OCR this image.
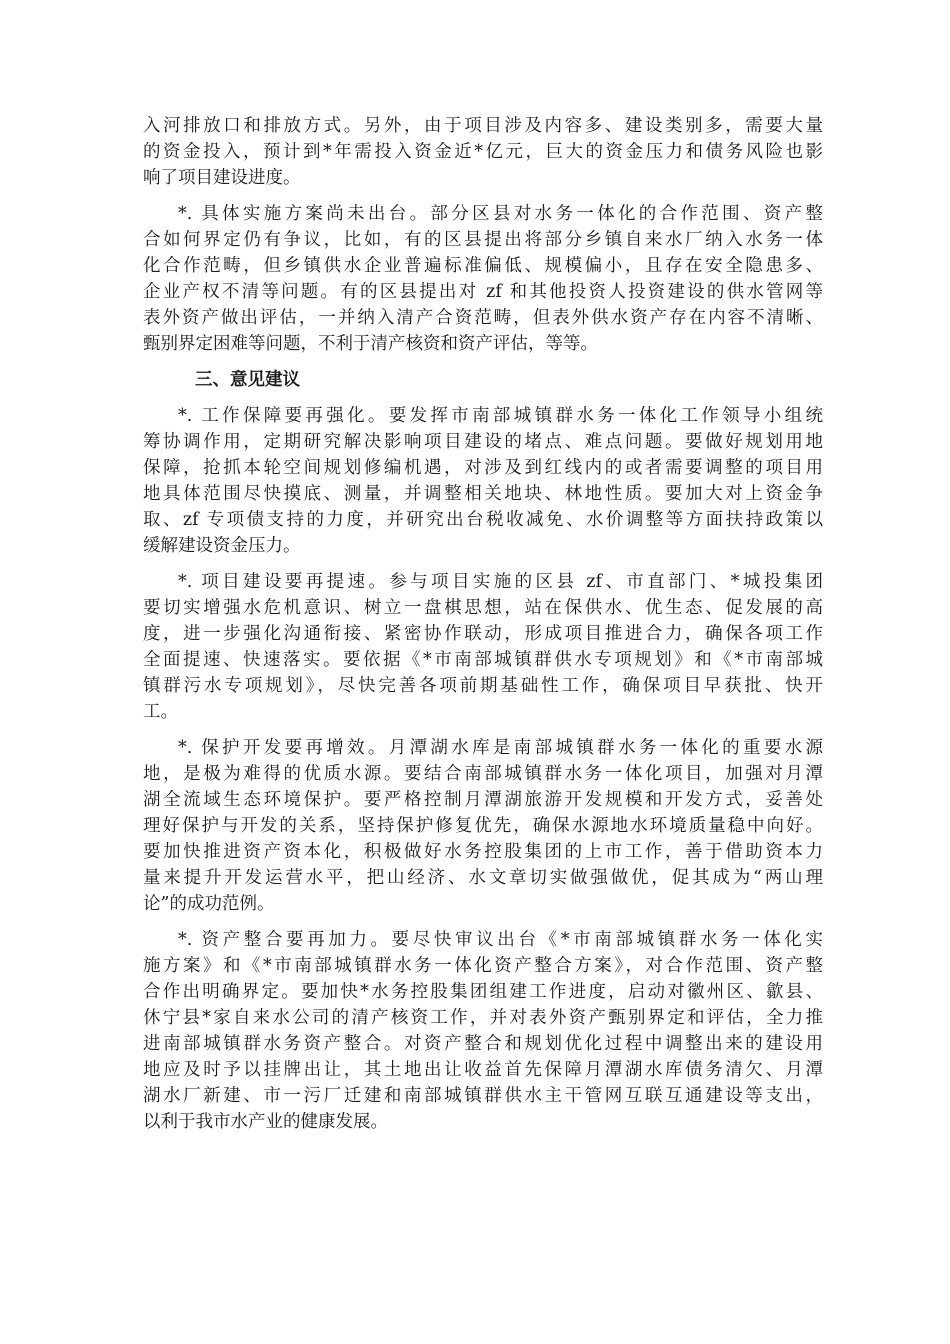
入河排放口和排放方式。另外，由于项目涉及内容多、建设类别多，需要大量
的资金投入，预计到*年需投入资金近*亿元，巨大的资金压力和债务风险也影
响了项目建设进度。
*. 具体实施方案尚未出台。部分区县对水务一体化的合作范围、资产整
合如何界定仍有争议，比如，有的区县提出将部分乡镇自来水厂纳入水务一体
化合作范畴，但乡镇供水企业普遍标准偏低、规模偏小，且存在安全隐患多、
企业产权不清等问题。有的区县提出对 zf 和其他投资人投资建设的供水管网等
表外资产做出评估，一并纳入清产合资范畴，但表外供水资产存在内容不清晰、
甄别界定困难等问题，不利于清产核资和资产评估，等等。
三、意见建议
*. 工作保障要再强化。要发挥市南部城镇群水务一体化工作领导小组统
筹协调作用，定期研究解决影响项目建设的堵点、难点问题。要做好规划用地
保障，抢抓本轮空间规划修编机遇，对涉及到红线内的或者需要调整的项目用
地具体范围尽快摸底、测量，并调整相关地块、林地性质。要加大对上资金争
取、zf 专项债支持的力度，并研究出台税收减免、水价调整等方面扶持政策以
缓解建设资金压力。
*. 项目建设要再提速。参与项目实施的区县 zf、市直部门、*城投集团
要切实增强水危机意识、树立一盘棋思想，站在保供水、优生态、促发展的高
度，进一步强化沟通衔接、紧密协作联动，形成项目推进合力，确保各项工作
全面提速、快速落实。要依据《*市南部城镇群供水专项规划》和《*市南部城
镇群污水专项规划》，尽快完善各项前期基础性工作，确保项目早获批、快开
工。
*. 保护开发要再增效。月潭湖水库是南部城镇群水务一体化的重要水源
地，是极为难得的优质水源。要结合南部城镇群水务一体化项目，加强对月潭
湖全流域生态环境保护。要严格控制月潭湖旅游开发规模和开发方式，妥善处
理好保护与开发的关系，坚持保护修复优先，确保水源地水环境质量稳中向好。
要加快推进资产资本化，积极做好水务控股集团的上市工作，善于借助资本力
量来提升开发运营水平，把山经济、水文章切实做强做优，促其成为“两山理
论”的成功范例。
*. 资产整合要再加力。要尽快审议出台《*市南部城镇群水务一体化实
施方案》和《*市南部城镇群水务一体化资产整合方案》，对合作范围、资产整
合作出明确界定。要加快*水务控股集团组建工作进度，启动对徽州区、歙县、
休宁县*家自来水公司的清产核资工作，并对表外资产甄别界定和评估，全力推
进南部城镇群水务资产整合。对资产整合和规划优化过程中调整出来的建设用
地应及时予以挂牌出让，其土地出让收益首先保障月潭湖水库债务清欠、月潭
湖水厂新建、市一污厂迁建和南部城镇群供水主干管网互联互通建设等支出，
以利于我市水产业的健康发展。
